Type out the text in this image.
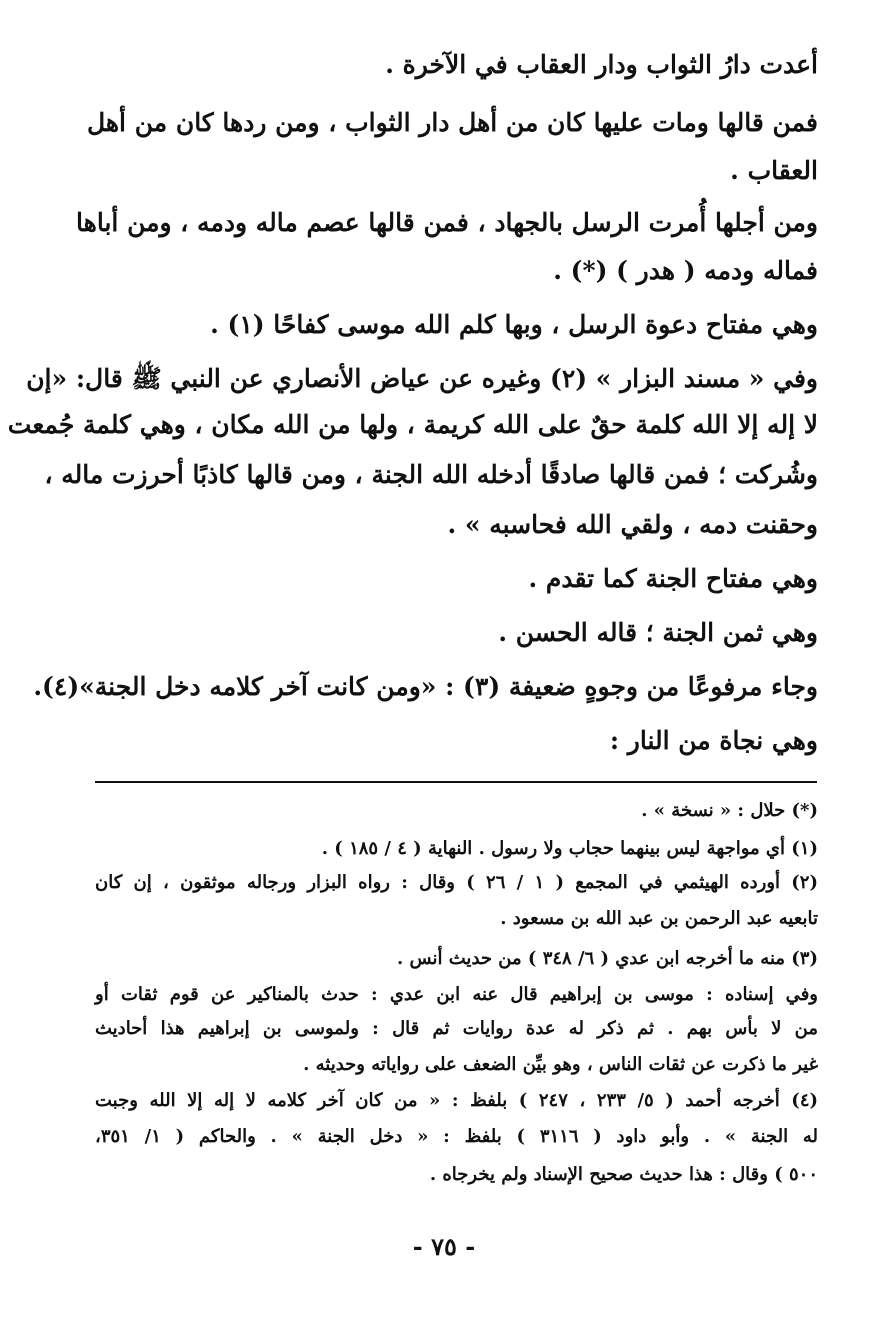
أعدت دارُ الثواب ودار العقاب في الآخرة .
فمن قالها ومات عليها كان من أهل دار الثواب ، ومن ردها كان من أهل
العقاب .
ومن أجلها أُمرت الرسل بالجهاد ، فمن قالها عصم ماله ودمه ، ومن أباها
فماله ودمه ( هدر ) (*) .
وهي مفتاح دعوة الرسل ، وبها كلم الله موسى كفاحًا (١) .
وفي « مسند البزار » (٢) وغيره عن عياض الأنصاري عن النبي ﷺ قال: «إن
لا إله إلا الله كلمة حقٌ على الله كريمة ، ولها من الله مكان ، وهي كلمة جُمعت
وشُركت ؛ فمن قالها صادقًا أدخله الله الجنة ، ومن قالها كاذبًا أحرزت ماله ،
وحقنت دمه ، ولقي الله فحاسبه » .
وهي مفتاح الجنة كما تقدم .
وهي ثمن الجنة ؛ قاله الحسن .
وجاء مرفوعًا من وجوهٍ ضعيفة (٣) : «ومن كانت آخر كلامه دخل الجنة»(٤).
وهي نجاة من النار :
(*) حلال : « نسخة » .
(١) أي مواجهة ليس بينهما حجاب ولا رسول . النهاية ( ٤ / ١٨٥ ) .
(٢) أورده الهيثمي في المجمع ( ١ / ٢٦ ) وقال : رواه البزار ورجاله موثقون ، إن كان
تابعيه عبد الرحمن بن عبد الله بن مسعود .
(٣) منه ما أخرجه ابن عدي ( ٦/ ٣٤٨ ) من حديث أنس .
وفي إسناده : موسى بن إبراهيم قال عنه ابن عدي : حدث بالمناكير عن قوم ثقات أو
من لا بأس بهم . ثم ذكر له عدة روايات ثم قال : ولموسى بن إبراهيم هذا أحاديث
غير ما ذكرت عن ثقات الناس ، وهو بيِّن الضعف على رواياته وحديثه .
(٤) أخرجه أحمد ( ٥/ ٢٣٣ ، ٢٤٧ ) بلفظ : « من كان آخر كلامه لا إله إلا الله وجبت
له الجنة » . وأبو داود ( ٣١١٦ ) بلفظ : « دخل الجنة » . والحاكم ( ١/ ٣٥١،
٥٠٠ ) وقال : هذا حديث صحيح الإسناد ولم يخرجاه .
- ٧٥ -
